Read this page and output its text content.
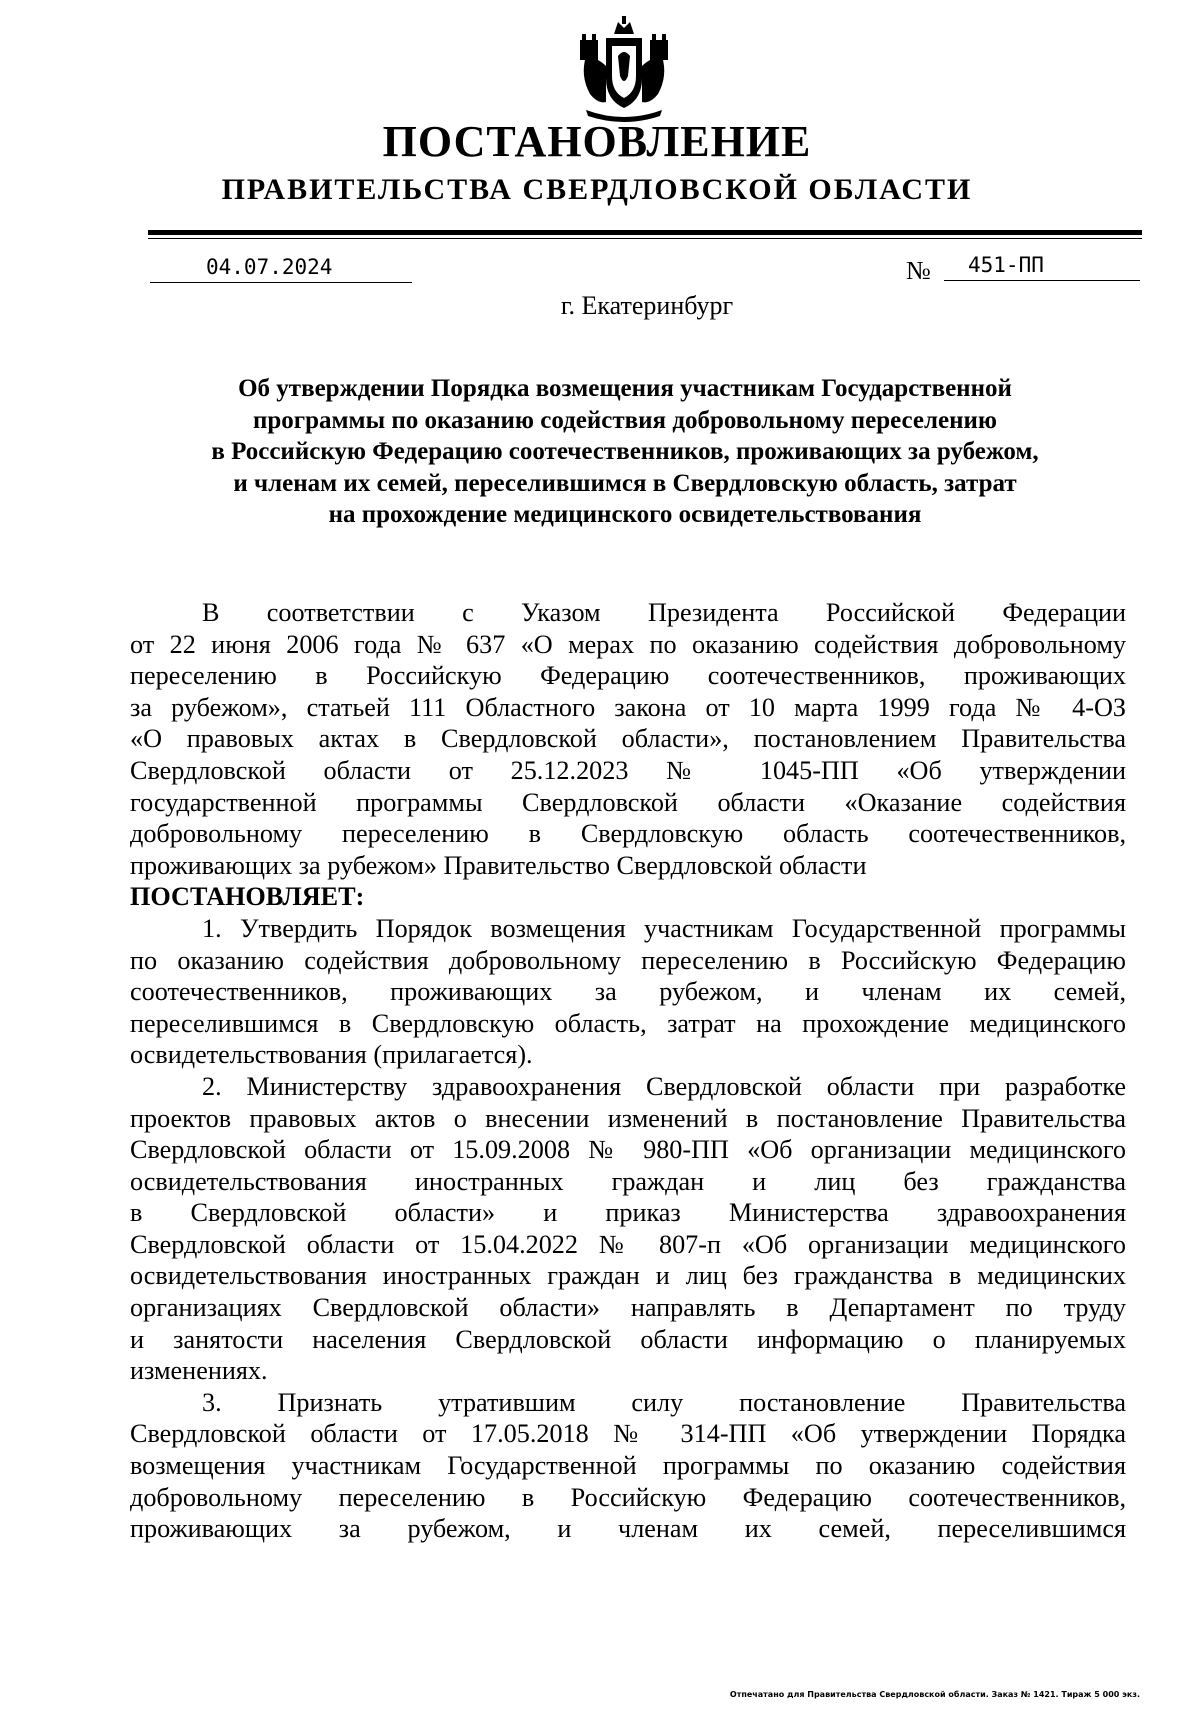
ПОСТАНОВЛЕНИЕ
ПРАВИТЕЛЬСТВА СВЕРДЛОВСКОЙ ОБЛАСТИ
04.07.2024	№	451-ПП
г. Екатеринбург
Об утверждении Порядка возмещения участникам Государственной
программы по оказанию содействия добровольному переселению
в Российскую Федерацию соотечественников, проживающих за рубежом,
и членам их семей, переселившимся в Свердловскую область, затрат
на прохождение медицинского освидетельствования
В соответствии с Указом Президента Российской Федерации
от 22 июня 2006 года № 637 «О мерах по оказанию содействия добровольному
переселению в Российскую Федерацию соотечественников, проживающих
за рубежом», статьей 111 Областного закона от 10 марта 1999 года № 4-ОЗ
«О правовых актах в Свердловской области», постановлением Правительства
Свердловской области от 25.12.2023 № 1045-ПП «Об утверждении
государственной программы Свердловской области «Оказание содействия
добровольному переселению в Свердловскую область соотечественников,
проживающих за рубежом» Правительство Свердловской области
ПОСТАНОВЛЯЕТ:
1. Утвердить Порядок возмещения участникам Государственной программы
по оказанию содействия добровольному переселению в Российскую Федерацию
соотечественников, проживающих за рубежом, и членам их семей,
переселившимся в Свердловскую область, затрат на прохождение медицинского
освидетельствования (прилагается).
2. Министерству здравоохранения Свердловской области при разработке
проектов правовых актов о внесении изменений в постановление Правительства
Свердловской области от 15.09.2008 № 980-ПП «Об организации медицинского
освидетельствования иностранных граждан и лиц без гражданства
в Свердловской области» и приказ Министерства здравоохранения
Свердловской области от 15.04.2022 № 807-п «Об организации медицинского
освидетельствования иностранных граждан и лиц без гражданства в медицинских
организациях Свердловской области» направлять в Департамент по труду
и занятости населения Свердловской области информацию о планируемых
изменениях.
3. Признать утратившим силу постановление Правительства
Свердловской области от 17.05.2018 № 314-ПП «Об утверждении Порядка
возмещения участникам Государственной программы по оказанию содействия
добровольному переселению в Российскую Федерацию соотечественников,
проживающих за рубежом, и членам их семей, переселившимся
Отпечатано для Правительства Свердловской области. Заказ № 1421. Тираж 5 000 экз.
